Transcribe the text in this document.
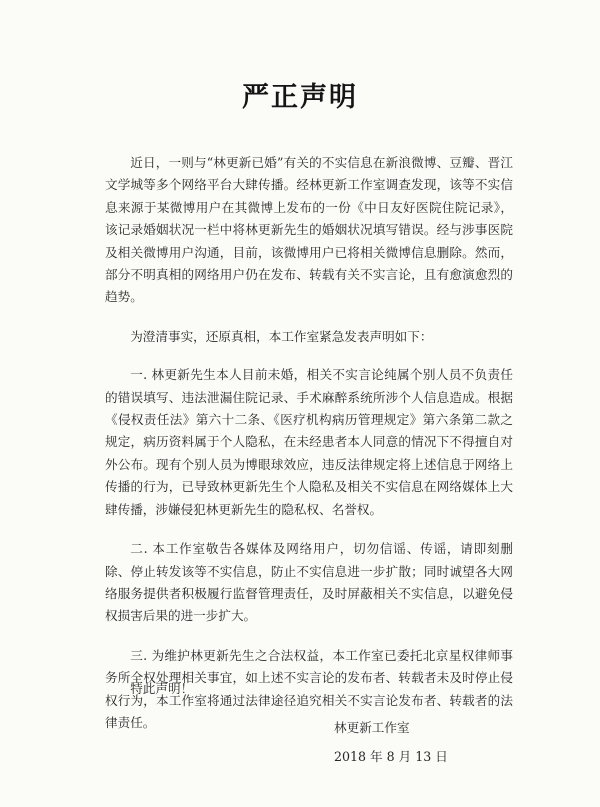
严正声明

近日，一则与“林更新已婚”有关的不实信息在新浪微博、豆瓣、晋江文学城等多个网络平台大肆传播。经林更新工作室调查发现，该等不实信息来源于某微博用户在其微博上发布的一份《中日友好医院住院记录》，该记录婚姻状况一栏中将林更新先生的婚姻状况填写错误。经与涉事医院及相关微博用户沟通，目前，该微博用户已将相关微博信息删除。然而，部分不明真相的网络用户仍在发布、转载有关不实言论，且有愈演愈烈的趋势。

为澄清事实，还原真相，本工作室紧急发表声明如下：

一. 林更新先生本人目前未婚，相关不实言论纯属个别人员不负责任的错误填写、违法泄漏住院记录、手术麻醉系统所涉个人信息造成。根据《侵权责任法》第六十二条、《医疗机构病历管理规定》第六条第二款之规定，病历资料属于个人隐私，在未经患者本人同意的情况下不得擅自对外公布。现有个别人员为博眼球效应，违反法律规定将上述信息于网络上传播的行为，已导致林更新先生个人隐私及相关不实信息在网络媒体上大肆传播，涉嫌侵犯林更新先生的隐私权、名誉权。

二. 本工作室敬告各媒体及网络用户，切勿信谣、传谣，请即刻删除、停止转发该等不实信息，防止不实信息进一步扩散；同时诚望各大网络服务提供者积极履行监督管理责任，及时屏蔽相关不实信息，以避免侵权损害后果的进一步扩大。

三. 为维护林更新先生之合法权益，本工作室已委托北京星权律师事务所全权处理相关事宜，如上述不实言论的发布者、转载者未及时停止侵权行为，本工作室将通过法律途径追究相关不实言论发布者、转载者的法律责任。

特此声明！
林更新工作室
2018 年 8 月 13 日
